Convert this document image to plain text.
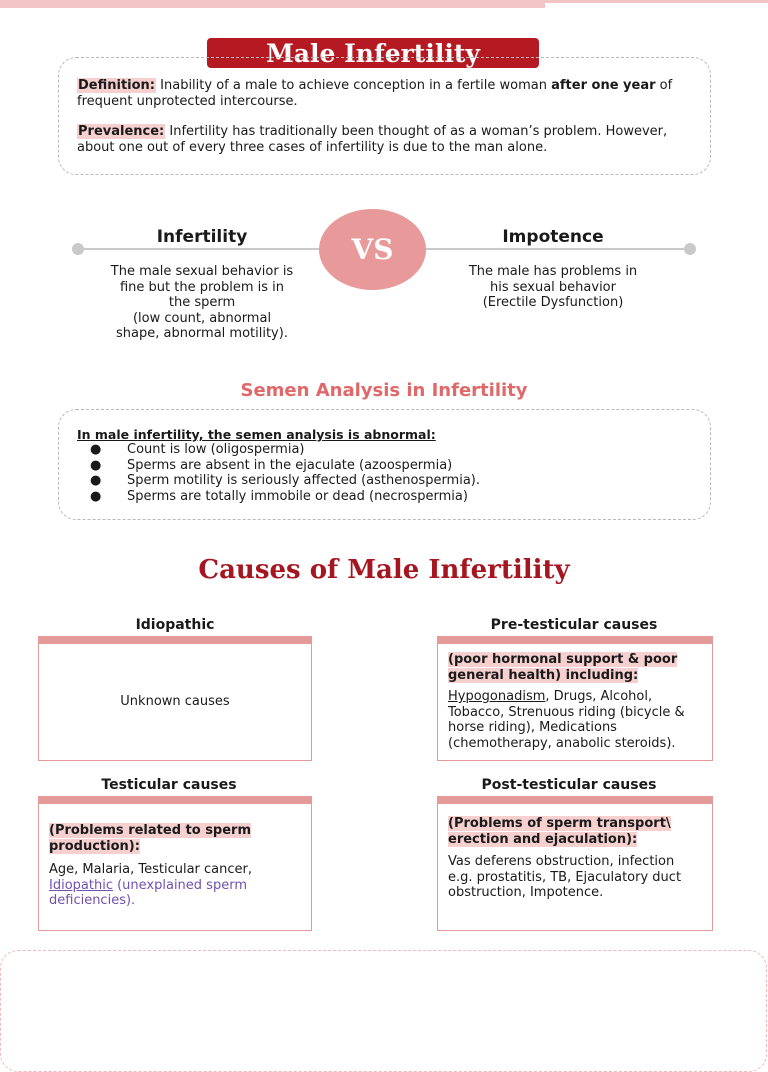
Male Infertility
Definition: Inability of a male to achieve conception in a fertile woman after one year of frequent unprotected intercourse.
Prevalence: Infertility has traditionally been thought of as a woman’s problem. However, about one out of every three cases of infertility is due to the man alone.
VS
Infertility
The male sexual behavior is
fine but the problem is in
the sperm
(low count, abnormal
shape, abnormal motility).
Impotence
The male has problems in
his sexual behavior
(Erectile Dysfunction)
Semen Analysis in Infertility
In male infertility, the semen analysis is abnormal:
● Count is low (oligospermia)
● Sperms are absent in the ejaculate (azoospermia)
● Sperm motility is seriously affected (asthenospermia).
● Sperms are totally immobile or dead (necrospermia)
Causes of Male Infertility
Idiopathic
Unknown causes
Pre-testicular causes
(poor hormonal support & poor general health) including:
Hypogonadism, Drugs, Alcohol, Tobacco, Strenuous riding (bicycle & horse riding), Medications (chemotherapy, anabolic steroids).
Testicular causes
(Problems related to sperm production):
Age, Malaria, Testicular cancer, Idiopathic (unexplained sperm deficiencies).
Post-testicular causes
(Problems of sperm transport\ erection and ejaculation):
Vas deferens obstruction, infection e.g. prostatitis, TB, Ejaculatory duct obstruction, Impotence.
